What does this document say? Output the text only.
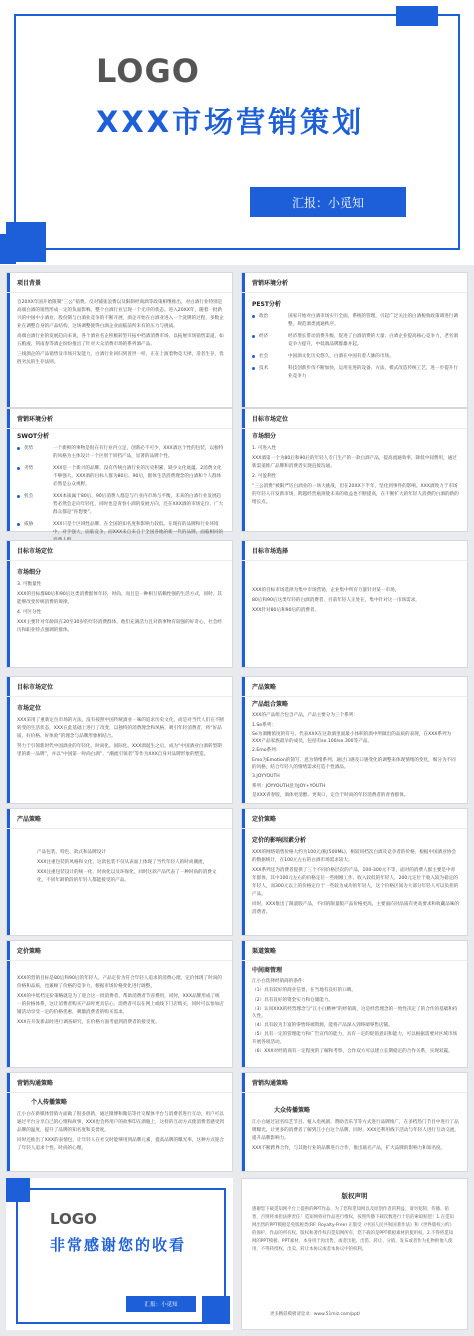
LOGO
XXX市场营销策划
汇报：小觅知
项目背景
自20XX年国开始限制“三公”销费。反对铺张浪费以及限制经商酒等政策相继推出，对白酒行业特别是高端白酒的销售形成一定的负面影响。整个白酒行业呈现一个无序的状态。进入20XX年，随着一批新兴的中国中小酒业、股份制与白酒业竞争的不断开展，酒企开始在白酒业进入一个洗牌的过程，多数企业在调整自身的产品结构，这场调整使得白酒企业面临前所未有的压力与挑战。
高端白酒行业的发展趋向来说，各个酒业名企积极转型开拓中档酒消费市场，以拓展市场销售渠道，如五粮液、剑南春等酒企纷纷推出了针对大众消费市场的系列酒产品。
三线酒企的产品销售及市场开发能力，白酒行业回归到普世一样，正在上演着物竞天择，适者生存，优胜劣汰的生存法则。
营销环境分析
PEST分析
政治	国家开始对白酒市场实行全面、系统的管理，引起广泛关注的白酒税收政策调进行调整，规范酒类流通秩序。
经济	经济增长带动消费升级，促进了白酒消费的大量；白酒企业提高核心竞争力，老名酒竞争力提升，中低端品牌群雄并起。
社会	中国酒文化历史悠久，白酒在中国有着人脉的市场。
技术	科技创新步伐不断加快，运用先进的设备、方法，模式改造传统工艺，进一步提升行业竞争力
营销环境分析
SWOT分析
优势	一个新鲜的事物是很在有行业内立足，创新必不可少，XXX酒这个性的包装，以独特的风格为主体设计一个区别于同档产品，显著的品牌个性。
劣势	XXX是一个新兴的品牌，没有传统白酒行业的历史积累，缺少文化底蕴。2消费文化不够强大。XXX酒的目标人群为80后、90后，群体生活消费理念的白酒和个人群体必然是公众视野。
机会	XXX本质属于80后、90后消费人群是与行业内市场与平衡，未来的白酒行业发展趋势必然会走向年轻化，同时也是青春小酒的发展方向，还在XXX酒的市场定位、广大群众都是“你想要”。
威胁	XXX只是个区域性品牌，在全国的知名度和影响力较低。在现有的品牌和行业环境中，对手强大，面临竞争，而XXX来自来自于全国各地的新一代的品牌，面临相同的
目标市场定位
市场细分
1. 可进入性
XXX酒第一个为80后和90后的年轻人专门生产的一款白酒产品，提高流通效率，降低中间费用，通过新渠道推广品牌和消费者实现直接沟通。
2. 可盈利性
“三公消费”被限严厉白酒业的一场大挑战，但在20XX下半年，坚化到事件的影响。XXX酒致力于市场的年轻人开发新市场，跨越经营瓶颈使未来的收益也不断提高，在不断扩大的年轻人消费的白酒的新的增长点。
目标市场定位
市场细分
3. 可衡量性
XXX的目标群80后和90后这类消费群体年轻，时尚、而且是一种相互依赖性强的生活方式，同时，其能够改变传统消费的规律。
4. 可区分性
XXX主要针对年龄段在20至30岁的年轻消费群体，他们充满活力且对新事物有较强的好奇心，社会经历和职业特点强调的群体。
目标市场选择
XXX的目标市场选择为集中市场营销，企业集中所有力量针对某一市场，
80后和90后这类年轻的白酒消费者，目前年轻人正处在，集中针对这一市场需求，
XXX针对80后和90后的消费者。
目标市场定位
市场定位
XXX采用了重新定位市场的方法，没有按照中国传统酒业一味的追求历史文化，而是对当代人们在不断转变的生活状态，XXX在此基础上进行了改变，以独特的消费理念和风格，吸引年轻消费者，将“好品质、好价格、好体验”的理念与品牌形象相结合。
努力于引领新时代中国酒业的年轻化、时尚化、国际化。XXX酒诞生之后，成为“中国酒业白酒转型期里的新一品牌”，并以“中国第一时尚白酒”、“潮流引领者”等作为XXX自身对品牌形象的塑造。
产品策略
产品组合策略
XXX的产品组合包含产品，产品主要分为三个系列：
1.Se系列：
Se为酒精浓度的符号，代表XXX在这款酒里面最小体积的酒中所做出的品质的表现，在XXX系列为XXX产品家族最早的成员，包括有se.100/se.300等产品。
2.Emo系列：
Emo为Emotion的简写，意为情绪系列，通过口感及口感变化的调整来体现情绪的变化，细分为不同的风格，结合年轻人的情绪需求打造个性酒品。
3.JOYYOUTH
系列：JOYYOUTH意为JOY+YOUTH
是XXX青春版，酒体更清醇、更爽口，定位于时尚的年轻消费者的青春群体。
产品策略
产品包装、特色、款式和品牌设计
XXX注重包装的风格和文化，这款包装不仅从表面上体现了当代年轻人的时尚潮流，
XXX注重包装设计的统一化、时尚化以及环保化，同时这款产品代表了一种时尚的消费文化，不同年龄阶段的年轻人都能接受的产品。
定价策略
定价的影响因素分析
XXX的网络销售价格大约为100元/瓶(500ML)，相较同档次白酒及竞争者的价格，根据中国酒业协会的数据统计，在100元左右的白酒市场需求较大。
XXX系列还为消费者提供了三个不同价格层次的产品，100-300元不等，面对的消费人群主要是中青年群体，其中100元左右的价格定位一些刚刚工作、收入较低的年轻人，200元定位于收入较为稳定的年轻人，而300元以上的价格定位于一些较为成功的年轻人，这个价格区间为大部分年轻人可以负担的产品。
同时，XXX推出了限量版产品，不同的限量版产品价格更高，主要面向对品质有更高要求和收藏品味的消费者。
定价策略
XXX的营销目标是80后和90后的年轻人，产品定价为符合年轻人追求的消费心理，定价体现了时尚的价格和品质，也兼顾了价格的竞争力，根据市场价格变化进行调整。
XXX的中低档定价策略就是为了迎合这一批消费者，帮助消费者节省费用，同时，XXX品牌形成了统一的价格体系，这让消费者购买产品时更具信心，消费者可以在网上或线下门店购买，同时可以参加店铺活动享受一定的价格优惠，刺激消费者的购买需求。
XXX在开发新品时进行调查研究，在价格方面考虑到消费者的接受度。
渠道策略
中间商管理
江小白选择经销商的条件：
（1）具有较好的商业信誉，在当地有良好的口碑。
（2）具有良好的资金实力和仓储能力。
（3）认同XXX的经营理念与“江小白精神”的经销商，这是经营理念的一致性决定了的合作的基础和持久性。
（4）具有较为丰富的零售终端资源，能将产品深入到终端零售店铺。
（5）具有一定的管理能力和广告宣传的能力，具有一定的促销意识和能力，可以根据需要对区域市场开展各项活动。
（6）XXX对经销商有一定程度的了解和考察，合作双方可以建立长期稳定的合作关系，实现双赢。
营销沟通策略
个人传播策略
江小白在新媒体营销方面做了很多创新，通过微博和微信等社交媒体平台与消费者进行互动，用户可以通过平台分享自己的心情和故事，XXX也会将用户的故事印在酒瓶上，这样的互动方式使消费者感受到品牌的温度，提升了品牌的知名度和美誉度。
同时还推出了XXX的表情包，让年轻人在社交时能够用到品牌元素，提高品牌的曝光率，这种方式迎合了年轻人追求个性、时尚的心理。
营销沟通策略
大众传播策略
江小白通过冠名综艺节目、植入电视剧、赞助音乐节等方式进行品牌推广，在多档热门节目中进行了品牌曝光，让更多的消费者了解到江小白这个品牌，同时，XXX还利用线下活动与年轻人进行互动交流，提升品牌影响力。
XXX不断跨界合作，与其他行业的品牌进行合作，推出联名产品，扩大品牌的影响力和知名度。
LOGO
非常感谢您的收看
汇报：小觅知
版权声明
感谢您下载觅知网平台上提供的PPT作品，为了您和觅知网以及原创作者的利益，请勿复制、传播、销售，否则将承担法律责任！觅知网将对作品进行维权，按照传播下载次数进行十倍的索取赔偿！1.在觅知网出售的PPT模板是免版税类(RF: Royalty-Free) 正版受《中国人民共和国著作法》和《世界版权公约》的保护，作品的所有权、版权和著作权归觅知网所有，您下载的是PPT模板素材的使用权。2.不得将觅知网的PPT模板、PPT素材，本身用于再出售，或者出租、出借、转让、分销、发布或者作为礼物供他人使用，不得转授权、出卖、转让本协议或者本协议中的权利。
更多精彩模板请登录：www.51miz.com/ppt/
